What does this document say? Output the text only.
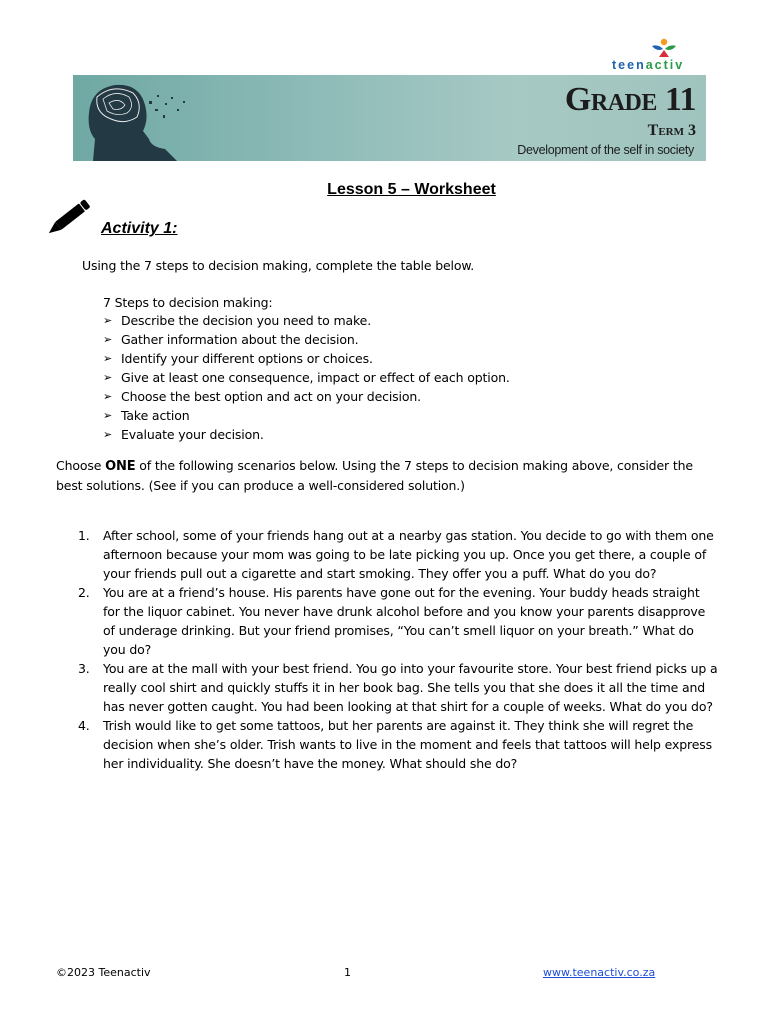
teenactiv
Grade 11
Term 3
Development of the self in society
Lesson 5 – Worksheet
Activity 1:
Using the 7 steps to decision making, complete the table below.
7 Steps to decision making:
➢ Describe the decision you need to make.
➢ Gather information about the decision.
➢ Identify your different options or choices.
➢ Give at least one consequence, impact or effect of each option.
➢ Choose the best option and act on your decision.
➢ Take action
➢ Evaluate your decision.
Choose ONE of the following scenarios below. Using the 7 steps to decision making above, consider the best solutions. (See if you can produce a well-considered solution.)
1. After school, some of your friends hang out at a nearby gas station. You decide to go with them one afternoon because your mom was going to be late picking you up. Once you get there, a couple of your friends pull out a cigarette and start smoking. They offer you a puff. What do you do?
2. You are at a friend’s house. His parents have gone out for the evening. Your buddy heads straight for the liquor cabinet. You never have drunk alcohol before and you know your parents disapprove of underage drinking. But your friend promises, “You can’t smell liquor on your breath.” What do you do?
3. You are at the mall with your best friend. You go into your favourite store. Your best friend picks up a really cool shirt and quickly stuffs it in her book bag. She tells you that she does it all the time and has never gotten caught. You had been looking at that shirt for a couple of weeks. What do you do?
4. Trish would like to get some tattoos, but her parents are against it. They think she will regret the decision when she’s older. Trish wants to live in the moment and feels that tattoos will help express her individuality. She doesn’t have the money. What should she do?
©2023 Teenactiv	1	www.teenactiv.co.za
